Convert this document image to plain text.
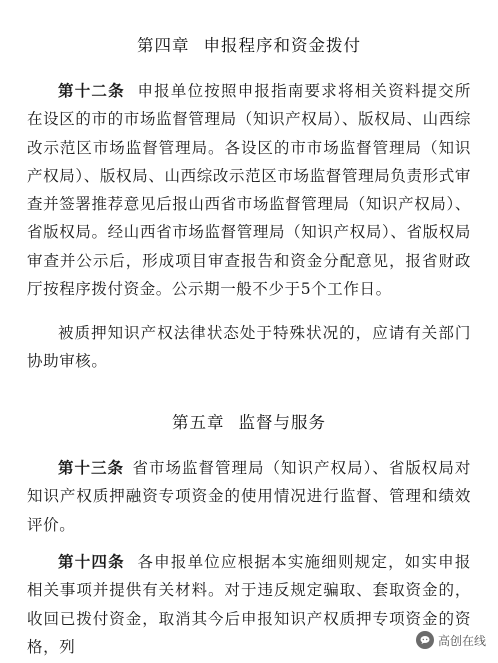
第四章 申报程序和资金拨付
第十二条 申报单位按照申报指南要求将相关资料提交所在设区的市的市场监督管理局（知识产权局）、版权局、山西综改示范区市场监督管理局。各设区的市市场监督管理局（知识产权局）、版权局、山西综改示范区市场监督管理局负责形式审查并签署推荐意见后报山西省市场监督管理局（知识产权局）、省版权局。经山西省市场监督管理局（知识产权局）、省版权局审查并公示后，形成项目审查报告和资金分配意见，报省财政厅按程序拨付资金。公示期一般不少于5个工作日。
被质押知识产权法律状态处于特殊状况的，应请有关部门协助审核。
第五章 监督与服务
第十三条 省市场监督管理局（知识产权局）、省版权局对知识产权质押融资专项资金的使用情况进行监督、管理和绩效评价。
第十四条 各申报单位应根据本实施细则规定，如实申报相关事项并提供有关材料。对于违反规定骗取、套取资金的，收回已拨付资金，取消其今后申报知识产权质押专项资金的资格，列	高创在线
